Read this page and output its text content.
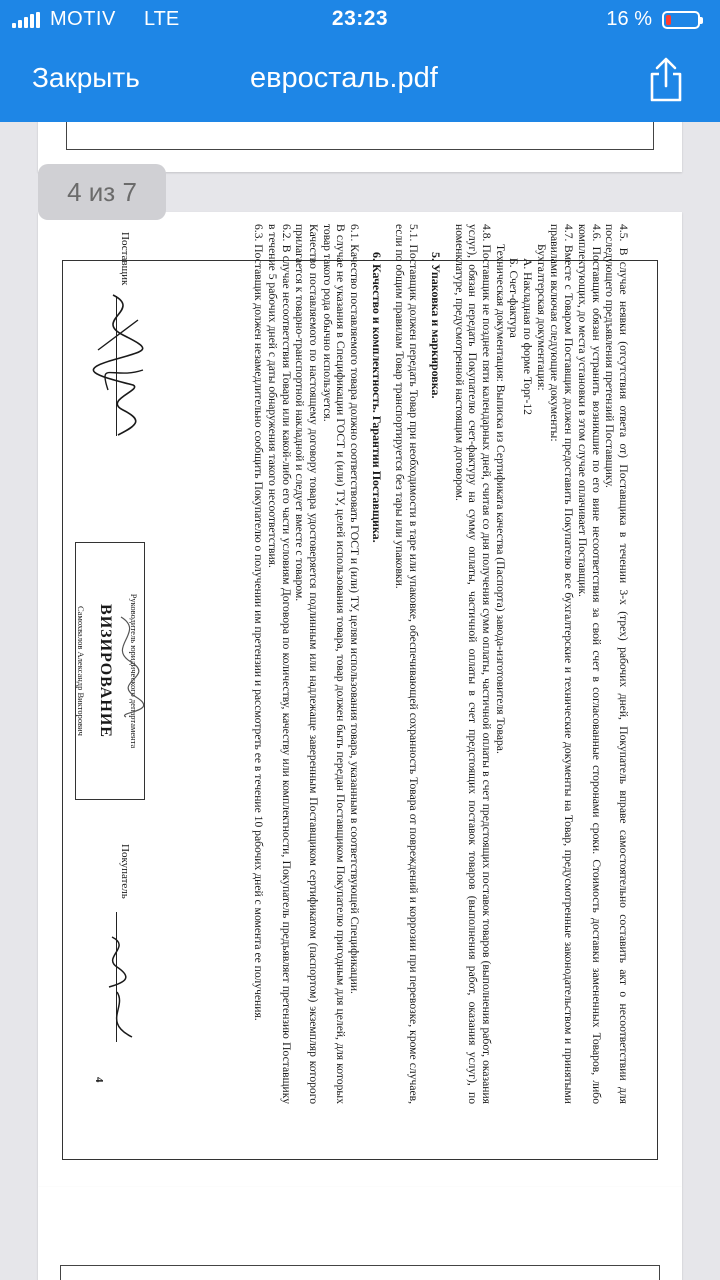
MOTIV LTE	23:23	16 %
Закрыть	евросталь.pdf

4.5. В случае неявки (отсутствия ответа от) Поставщика в течении 3-х (трех) рабочих дней, Покупатель вправе самостоятельно составить акт о несоответствии для последующего предъявления претензий Поставщику.

4.6. Поставщик обязан устранить возникшие по его вине несоответствия за свой счет в согласованные сторонами сроки. Стоимость доставки замененных Товаров, либо комплектующих, до места установки в этом случае оплачивает Поставщик.

4.7. Вместе с Товаром Поставщик должен предоставить Покупателю все бухгалтерские и технические документы на Товар, предусмотренные законодательством и принятыми правилами включая следующие документы:

Бухгалтерская документация:

А. Накладная по форме Торг-12

Б. Счет-фактура

Техническая документация: Выписка из Сертификата качества (Паспорта) завода-изготовителя Товара.

4.8. Поставщик не позднее пяти календарных дней, считая со дня получения сумм оплаты, частичной оплаты в счет предстоящих поставок товаров (выполнения работ, оказания услуг), обязан передать Покупателю счет-фактуру на сумму оплаты, частичной оплаты в счет предстоящих поставок товаров (выполнения работ, оказания услуг), по номенклатуре, предусмотренной настоящим договором.

5. Упаковка и маркировка.

5.1. Поставщик должен передать Товар при необходимости в таре или упаковке, обеспечивающей сохранность Товара от повреждений и коррозии при перевозке, кроме случаев, если по общим правилам Товар транспортируется без тары или упаковки.

6. Качество и комплектность. Гарантии Поставщика.

6.1. Качество поставляемого товара должно соответствовать ГОСТ и (или) ТУ, целям использования товара, указанным в соответствующей Спецификации.

В случае не указания в Спецификации ГОСТ и (или) ТУ, целей использования товара, товар должен быть передан Поставщиком Покупателю пригодным для целей, для которых товар такого рода обычно используется.

Качество поставляемого по настоящему договору товара удостоверяется подлинным или надлежаще заверенным Поставщиком сертификатом (паспортом) экземпляр которого прилагается к товарно-транспортной накладной и следует вместе с товаром.

6.2. В случае несоответствия Товара или какой-либо его части условиям Договора по количеству, качеству или комплектности, Покупатель предъявляет претензию Поставщику в течение 5 рабочих дней с даты обнаружения такого несоответствия.

6.3. Поставщик должен незамедлительно сообщить Покупателю о получении им претензии и рассмотреть ее в течение 10 рабочих дней с момента ее получения.

Поставщик
Руководитель юридического департамента
ВИЗИРОВАНИЕ
Самохвалов Александр Викторович
Покупатель
4
4 из 7
